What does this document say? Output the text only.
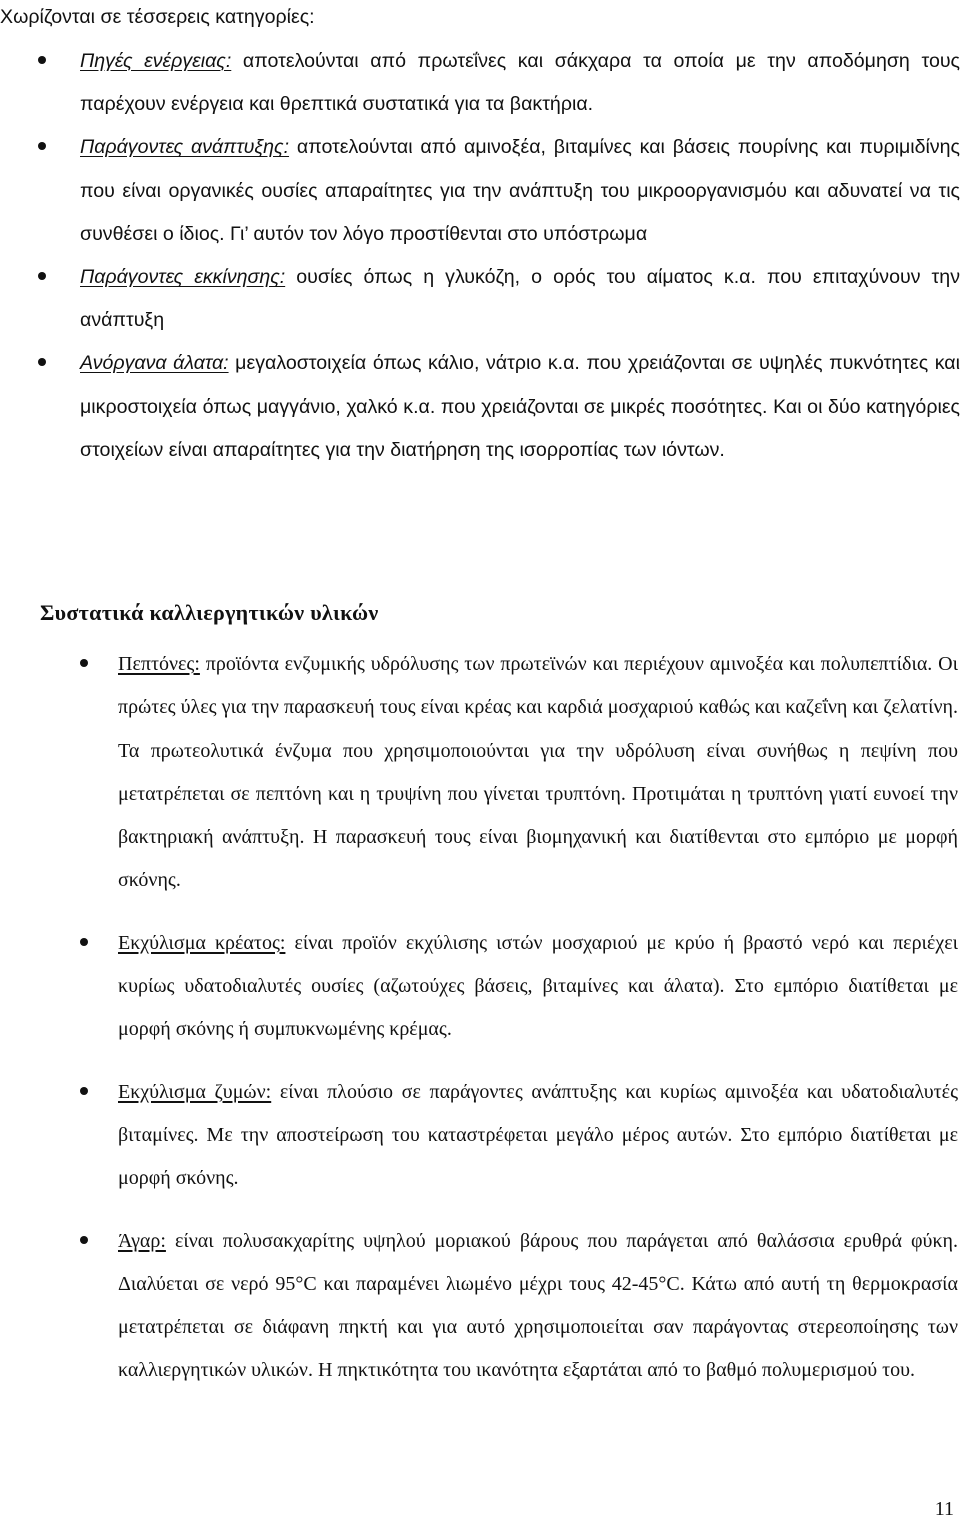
Χωρίζονται σε τέσσερεις κατηγορίες:
Πηγές ενέργειας: αποτελούνται από πρωτεΐνες και σάκχαρα τα οποία με την αποδόμηση τους παρέχουν ενέργεια και θρεπτικά συστατικά για τα βακτήρια.
Παράγοντες ανάπτυξης: αποτελούνται από αμινοξέα, βιταμίνες και βάσεις πουρίνης και πυριμιδίνης που είναι οργανικές ουσίες απαραίτητες για την ανάπτυξη του μικροοργανισμόυ και αδυνατεί να τις συνθέσει ο ίδιος. Γι’ αυτόν τον λόγο προστίθενται στο υπόστρωμα
Παράγοντες εκκίνησης: ουσίες όπως η γλυκόζη, ο ορός του αίματος κ.α. που επιταχύνουν την ανάπτυξη
Ανόργανα άλατα: μεγαλοστοιχεία όπως κάλιο, νάτριο κ.α. που χρειάζονται σε υψηλές πυκνότητες και μικροστοιχεία όπως μαγγάνιο, χαλκό κ.α. που χρειάζονται σε μικρές ποσότητες. Και οι δύο κατηγόριες στοιχείων είναι απαραίτητες για την διατήρηση της ισορροπίας των ιόντων.
Συστατικά καλλιεργητικών υλικών
Πεπτόνες: προϊόντα ενζυμικής υδρόλυσης των πρωτεϊνών και περιέχουν αμινοξέα και πολυπεπτίδια. Οι πρώτες ύλες για την παρασκευή τους είναι κρέας και καρδιά μοσχαριού καθώς και καζεΐνη και ζελατίνη. Τα πρωτεολυτικά ένζυμα που χρησιμοποιούνται για την υδρόλυση είναι συνήθως η πεψίνη που μετατρέπεται σε πεπτόνη και η τρυψίνη που γίνεται τρυπτόνη. Προτιμάται η τρυπτόνη γιατί ευνοεί την βακτηριακή ανάπτυξη. Η παρασκευή τους είναι βιομηχανική και διατίθενται στο εμπόριο με μορφή σκόνης.
Εκχύλισμα κρέατος: είναι προϊόν εκχύλισης ιστών μοσχαριού με κρύο ή βραστό νερό και περιέχει κυρίως υδατοδιαλυτές ουσίες (αζωτούχες βάσεις, βιταμίνες και άλατα). Στο εμπόριο διατίθεται με μορφή σκόνης ή συμπυκνωμένης κρέμας.
Εκχύλισμα ζυμών: είναι πλούσιο σε παράγοντες ανάπτυξης και κυρίως αμινοξέα και υδατοδιαλυτές βιταμίνες. Με την αποστείρωση του καταστρέφεται μεγάλο μέρος αυτών. Στο εμπόριο διατίθεται με μορφή σκόνης.
Άγαρ: είναι πολυσακχαρίτης υψηλού μοριακού βάρους που παράγεται από θαλάσσια ερυθρά φύκη. Διαλύεται σε νερό 95°C και παραμένει λιωμένο μέχρι τους 42-45°C. Κάτω από αυτή τη θερμοκρασία μετατρέπεται σε διάφανη πηκτή και για αυτό χρησιμοποιείται σαν παράγοντας στερεοποίησης των καλλιεργητικών υλικών. Η πηκτικότητα του ικανότητα εξαρτάται από το βαθμό πολυμερισμού του.
11
